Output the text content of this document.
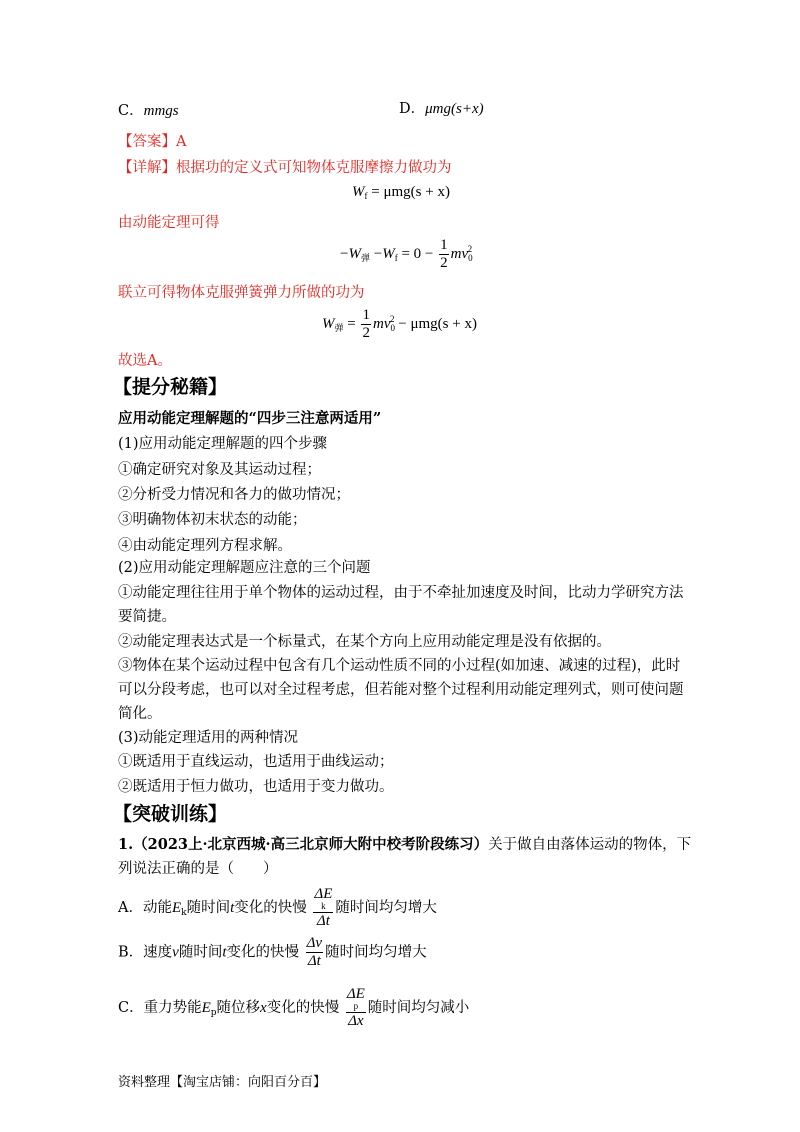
C．mmgs	D．μmg(s+x)
【答案】A
【详解】根据功的定义式可知物体克服摩擦力做功为
$W_f = \mu mg(s + x)$
由动能定理可得
$-W_弹 -W_f = 0 - \frac{1}{2} mv_0^2$
联立可得物体克服弹簧弹力所做的功为
$W_弹 = \frac{1}{2} mv_0^2 - \mu mg(s + x)$
故选A。
【提分秘籍】
应用动能定理解题的“四步三注意两适用”
(1)应用动能定理解题的四个步骤
①确定研究对象及其运动过程；
②分析受力情况和各力的做功情况；
③明确物体初末状态的动能；
④由动能定理列方程求解。
(2)应用动能定理解题应注意的三个问题
①动能定理往往用于单个物体的运动过程，由于不牵扯加速度及时间，比动力学研究方法
要简捷。
②动能定理表达式是一个标量式，在某个方向上应用动能定理是没有依据的。
③物体在某个运动过程中包含有几个运动性质不同的小过程(如加速、减速的过程)，此时
可以分段考虑，也可以对全过程考虑，但若能对整个过程利用动能定理列式，则可使问题
简化。
(3)动能定理适用的两种情况
①既适用于直线运动，也适用于曲线运动；
②既适用于恒力做功，也适用于变力做功。
【突破训练】
1.（2023上·北京西城·高三北京师大附中校考阶段练习）关于做自由落体运动的物体，下
列说法正确的是（　　）
A．动能$E_k$随时间t变化的快慢 ΔE
k
Δt 随时间均匀增大
B．速度v随时间t变化的快慢 $\frac{\Delta v}{\Delta t}$ 随时间均匀增大
C．重力势能$E_p$随位移x变化的快慢 ΔE
p
Δx 随时间均匀减小
资料整理【淘宝店铺：向阳百分百】
